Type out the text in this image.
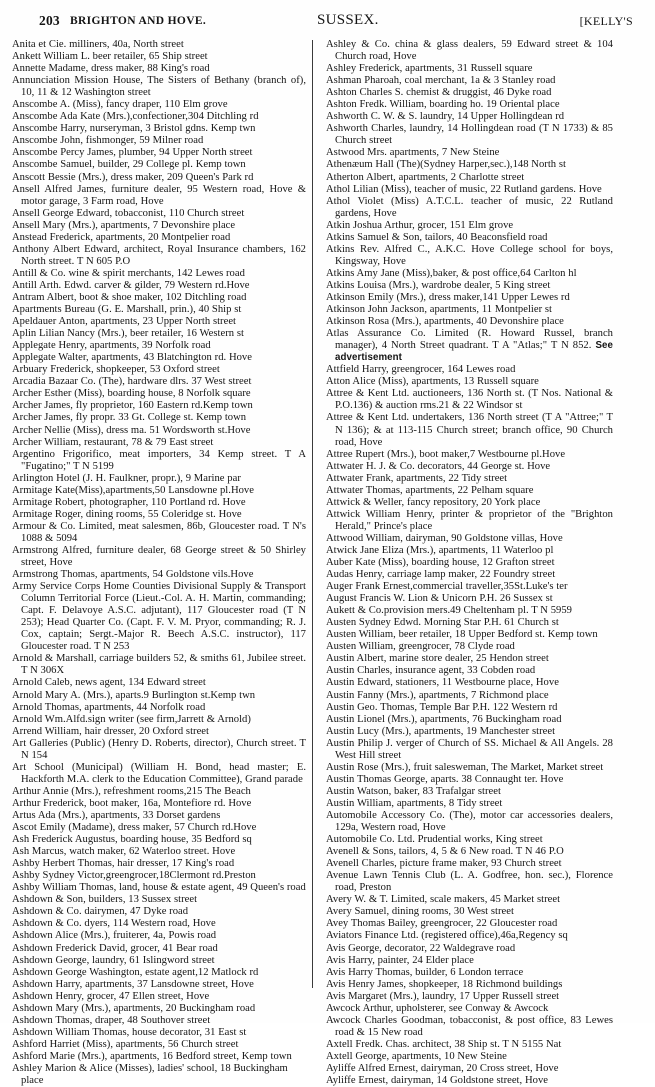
203 BRIGHTON AND HOVE.	SUSSEX.	[KELLY'S

Anita et Cie. milliners, 40a, North street

Ankett William L. beer retailer, 65 Ship street

Annette Madame, dress maker, 88 King's road

Annunciation Mission House, The Sisters of Bethany (branch of), 10, 11 & 12 Washington street

Anscombe A. (Miss), fancy draper, 110 Elm grove

Anscombe Ada Kate (Mrs.),confectioner,304 Ditchling rd

Anscombe Harry, nurseryman, 3 Bristol gdns. Kemp twn

Anscombe John, fishmonger, 59 Milner road

Anscombe Percy James, plumber, 94 Upper North street

Anscombe Samuel, builder, 29 College pl. Kemp town

Anscott Bessie (Mrs.), dress maker, 209 Queen's Park rd

Ansell Alfred James, furniture dealer, 95 Western road, Hove & motor garage, 3 Farm road, Hove

Ansell George Edward, tobacconist, 110 Church street

Ansell Mary (Mrs.), apartments, 7 Devonshire place

Anstead Frederick, apartments, 20 Montpelier road

Anthony Albert Edward, architect, Royal Insurance chambers, 162 North street. T N 605 P.O

Antill & Co. wine & spirit merchants, 142 Lewes road

Antill Arth. Edwd. carver & gilder, 79 Western rd.Hove

Antram Albert, boot & shoe maker, 102 Ditchling road

Apartments Bureau (G. E. Marshall, prin.), 40 Ship st

Apeldauer Anton, apartments, 23 Upper North street

Aplin Lilian Nancy (Mrs.), beer retailer, 16 Western st

Applegate Henry, apartments, 39 Norfolk road

Applegate Walter, apartments, 43 Blatchington rd. Hove

Arbuary Frederick, shopkeeper, 53 Oxford street

Arcadia Bazaar Co. (The), hardware dlrs. 37 West street

Archer Esther (Miss), boarding house, 8 Norfolk square

Archer James, fly proprietor, 160 Eastern rd.Kemp town

Archer James, fly propr. 33 Gt. College st. Kemp town

Archer Nellie (Miss), dress ma. 51 Wordsworth st.Hove

Archer William, restaurant, 78 & 79 East street

Argentino Frigorifico, meat importers, 34 Kemp street. T A "Fugatino;" T N 5199

Arlington Hotel (J. H. Faulkner, propr.), 9 Marine par

Armitage Kate(Miss),apartments,50 Lansdowne pl.Hove

Armitage Robert, photographer, 110 Portland rd. Hove

Armitage Roger, dining rooms, 55 Coleridge st. Hove

Armour & Co. Limited, meat salesmen, 86b, Gloucester road. T N's 1088 & 5094

Armstrong Alfred, furniture dealer, 68 George street & 50 Shirley street, Hove

Armstrong Thomas, apartments, 54 Goldstone vils.Hove

Army Service Corps Home Counties Divisional Supply & Transport Column Territorial Force (Lieut.-Col. A. H. Martin, commanding; Capt. F. Delavoye A.S.C. adjutant), 117 Gloucester road (T N 253); Head Quarter Co. (Capt. F. V. M. Pryor, commanding; R. J. Cox, captain; Sergt.-Major R. Beech A.S.C. instructor), 117 Gloucester road. T N 253

Arnold & Marshall, carriage builders 52, & smiths 61, Jubilee street. T N 306X

Arnold Caleb, news agent, 134 Edward street

Arnold Mary A. (Mrs.), aparts.9 Burlington st.Kemp twn

Arnold Thomas, apartments, 44 Norfolk road

Arnold Wm.Alfd.sign writer (see firm,Jarrett & Arnold)

Arrend William, hair dresser, 20 Oxford street

Art Galleries (Public) (Henry D. Roberts, director), Church street. T N 154

Art School (Municipal) (William H. Bond, head master; E. Hackforth M.A. clerk to the Education Committee), Grand parade

Arthur Annie (Mrs.), refreshment rooms,215 The Beach

Arthur Frederick, boot maker, 16a, Montefiore rd. Hove

Artus Ada (Mrs.), apartments, 33 Dorset gardens

Ascot Emily (Madame), dress maker, 57 Church rd.Hove

Ash Frederick Augustus, boarding house, 35 Bedford sq

Ash Marcus, watch maker, 62 Waterloo street. Hove

Ashby Herbert Thomas, hair dresser, 17 King's road

Ashby Sydney Victor,greengrocer,18Clermont rd.Preston

Ashby William Thomas, land, house & estate agent, 49 Queen's road

Ashdown & Son, builders, 13 Sussex street

Ashdown & Co. dairymen, 47 Dyke road

Ashdown & Co. dyers, 114 Western road, Hove

Ashdown Alice (Mrs.), fruiterer, 4a, Powis road

Ashdown Frederick David, grocer, 41 Bear road

Ashdown George, laundry, 61 Islingword street

Ashdown George Washington, estate agent,12 Matlock rd

Ashdown Harry, apartments, 37 Lansdowne street, Hove

Ashdown Henry, grocer, 47 Ellen street, Hove

Ashdown Mary (Mrs.), apartments, 20 Buckingham road

Ashdown Thomas, draper, 48 Southover street

Ashdown William Thomas, house decorator, 31 East st

Ashford Harriet (Miss), apartments, 56 Church street

Ashford Marie (Mrs.), apartments, 16 Bedford street, Kemp town

Ashley Marion & Alice (Misses), ladies' school, 18 Buckingham place

Ashley & Co. china & glass dealers, 59 Edward street & 104 Church road, Hove

Ashley Frederick, apartments, 31 Russell square

Ashman Pharoah, coal merchant, 1a & 3 Stanley road

Ashton Charles S. chemist & druggist, 46 Dyke road

Ashton Fredk. William, boarding ho. 19 Oriental place

Ashworth C. W. & S. laundry, 14 Upper Hollingdean rd

Ashworth Charles, laundry, 14 Hollingdean road (T N 1733) & 85 Church street

Astwood Mrs. apartments, 7 New Steine

Athenæum Hall (The)(Sydney Harper,sec.),148 North st

Atherton Albert, apartments, 2 Charlotte street

Athol Lilian (Miss), teacher of music, 22 Rutland gardens. Hove

Athol Violet (Miss) A.T.C.L. teacher of music, 22 Rutland gardens, Hove

Atkin Joshua Arthur, grocer, 151 Elm grove

Atkins Samuel & Son, tailors, 40 Beaconsfield road

Atkins Rev. Alfred C., A.K.C. Hove College school for boys, Kingsway, Hove

Atkins Amy Jane (Miss),baker, & post office,64 Carlton hl

Atkins Louisa (Mrs.), wardrobe dealer, 5 King street

Atkinson Emily (Mrs.), dress maker,141 Upper Lewes rd

Atkinson John Jackson, apartments, 11 Montpelier st

Atkinson Rosa (Mrs.), apartments, 40 Devonshire place

Atlas Assurance Co. Limited (R. Howard Russel, branch manager), 4 North Street quadrant. T A "Atlas;" T N 852. See advertisement

Attfield Harry, greengrocer, 164 Lewes road

Atton Alice (Miss), apartments, 13 Russell square

Attree & Kent Ltd. auctioneers, 136 North st. (T Nos. National & P.O.136) & auction rms.21 & 22 Windsor st

Attree & Kent Ltd. undertakers, 136 North street (T A "Attree;" T N 136); & at 113-115 Church street; branch office, 90 Church road, Hove

Attree Rupert (Mrs.), boot maker,7 Westbourne pl.Hove

Attwater H. J. & Co. decorators, 44 George st. Hove

Attwater Frank, apartments, 22 Tidy street

Attwater Thomas, apartments, 22 Pelham square

Attwick & Weller, fancy repository, 20 York place

Attwick William Henry, printer & proprietor of the "Brighton Herald," Prince's place

Attwood William, dairyman, 90 Goldstone villas, Hove

Atwick Jane Eliza (Mrs.), apartments, 11 Waterloo pl

Auber Kate (Miss), boarding house, 12 Grafton street

Audas Henry, carriage lamp maker, 22 Foundry street

Auger Frank Ernest,commercial traveller,35St.Luke's ter

August Francis W. Lion & Unicorn P.H. 26 Sussex st

Aukett & Co.provision mers.49 Cheltenham pl. T N 5959

Austen Sydney Edwd. Morning Star P.H. 61 Church st

Austen William, beer retailer, 18 Upper Bedford st. Kemp town

Austen William, greengrocer, 78 Clyde road

Austin Albert, marine store dealer, 25 Hendon street

Austin Charles, insurance agent, 33 Cobden road

Austin Edward, stationers, 11 Westbourne place, Hove

Austin Fanny (Mrs.), apartments, 7 Richmond place

Austin Geo. Thomas, Temple Bar P.H. 122 Western rd

Austin Lionel (Mrs.), apartments, 76 Buckingham road

Austin Lucy (Mrs.), apartments, 19 Manchester street

Austin Philip J. verger of Church of SS. Michael & All Angels. 28 West Hill street

Austin Rose (Mrs.), fruit salesweman, The Market, Market street

Austin Thomas George, aparts. 38 Connaught ter. Hove

Austin Watson, baker, 83 Trafalgar street

Austin William, apartments, 8 Tidy street

Automobile Accessory Co. (The), motor car accessories dealers, 129a, Western road, Hove

Automobile Co. Ltd. Prudential works, King street

Avenell & Sons, tailors, 4, 5 & 6 New road. T N 46 P.O

Avenell Charles, picture frame maker, 93 Church street

Avenue Lawn Tennis Club (L. A. Godfree, hon. sec.), Florence road, Preston

Avery W. & T. Limited, scale makers, 45 Market street

Avery Samuel, dining rooms, 30 West street

Avey Thomas Bailey, greengrocer, 22 Gloucester road

Aviators Finance Ltd. (registered office),46a,Regency sq

Avis George, decorator, 22 Waldegrave road

Avis Harry, painter, 24 Elder place

Avis Harry Thomas, builder, 6 London terrace

Avis Henry James, shopkeeper, 18 Richmond buildings

Avis Margaret (Mrs.), laundry, 17 Upper Russell street

Awcock Arthur, upholsterer, see Conway & Awcock

Awcock Charles Goodman, tobacconist, & post office, 83 Lewes road & 15 New road

Axtell Fredk. Chas. architect, 38 Ship st. T N 5155 Nat

Axtell George, apartments, 10 New Steine

Ayliffe Alfred Ernest, dairyman, 20 Cross street, Hove

Ayliffe Ernest, dairyman, 14 Goldstone street, Hove
